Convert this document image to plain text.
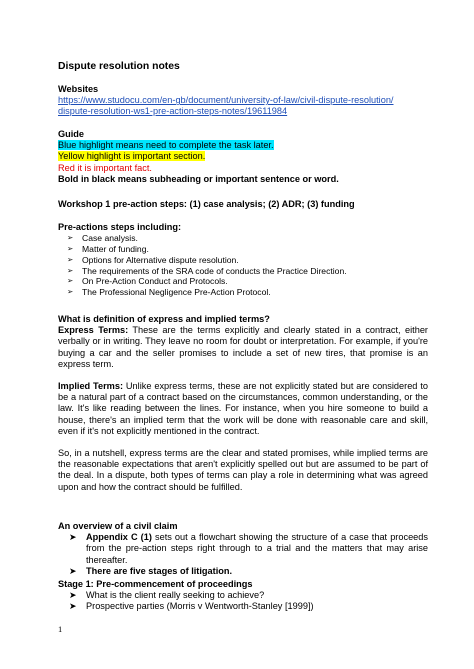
Dispute resolution notes
Websites
https://www.studocu.com/en-gb/document/university-of-law/civil-dispute-resolution/
dispute-resolution-ws1-pre-action-steps-notes/19611984
Guide
Blue highlight means need to complete the task later.
Yellow highlight is important section.
Red it is important fact.
Bold in black means subheading or important sentence or word.
Workshop 1 pre-action steps: (1) case analysis; (2) ADR; (3) funding
Pre-actions steps including:
➢ Case analysis.
➢ Matter of funding.
➢ Options for Alternative dispute resolution.
➢ The requirements of the SRA code of conducts the Practice Direction.
➢ On Pre-Action Conduct and Protocols.
➢ The Professional Negligence Pre-Action Protocol.
What is definition of express and implied terms?
Express Terms: These are the terms explicitly and clearly stated in a contract, either verbally or in writing. They leave no room for doubt or interpretation. For example, if you're buying a car and the seller promises to include a set of new tires, that promise is an express term.
Implied Terms: Unlike express terms, these are not explicitly stated but are considered to be a natural part of a contract based on the circumstances, common understanding, or the law. It's like reading between the lines. For instance, when you hire someone to build a house, there's an implied term that the work will be done with reasonable care and skill, even if it's not explicitly mentioned in the contract.
So, in a nutshell, express terms are the clear and stated promises, while implied terms are the reasonable expectations that aren't explicitly spelled out but are assumed to be part of the deal. In a dispute, both types of terms can play a role in determining what was agreed upon and how the contract should be fulfilled.
An overview of a civil claim
➤ Appendix C (1) sets out a flowchart showing the structure of a case that proceeds from the pre-action steps right through to a trial and the matters that may arise thereafter.
➤ There are five stages of litigation.
Stage 1: Pre-commencement of proceedings
➤ What is the client really seeking to achieve?
➤ Prospective parties (Morris v Wentworth-Stanley [1999])
1
